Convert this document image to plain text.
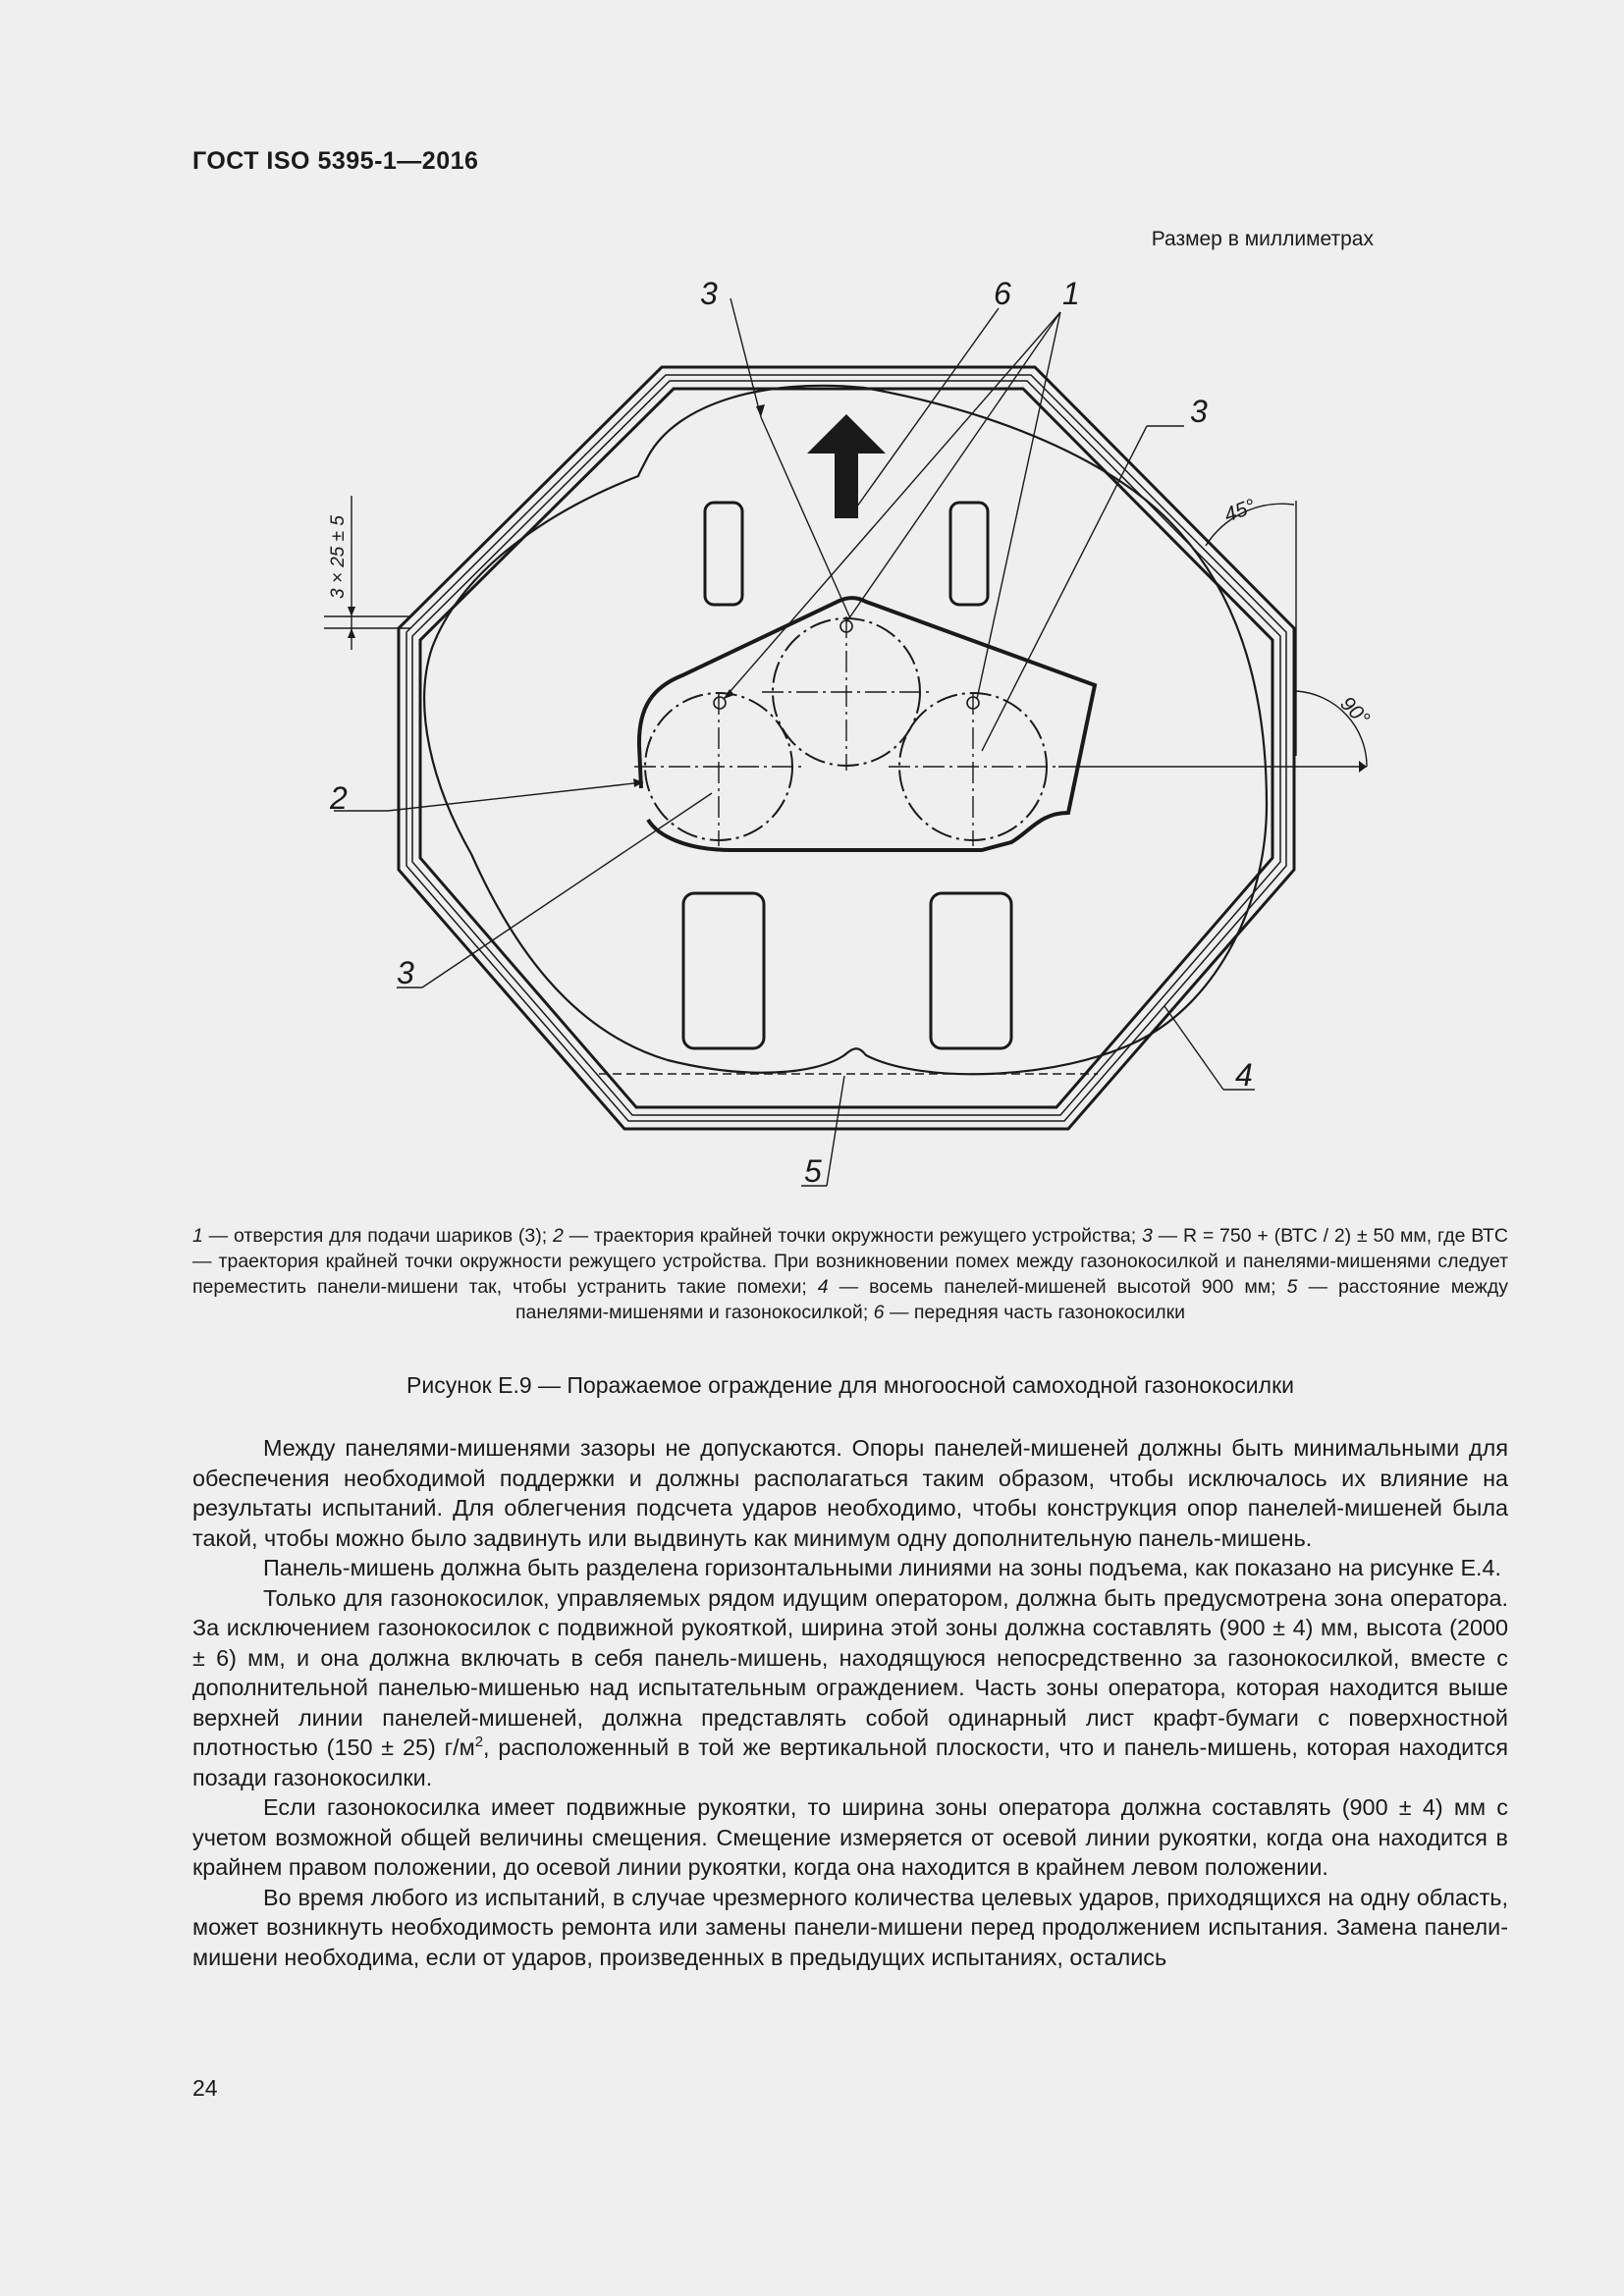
ГОСТ ISO 5395-1—2016
Размер в миллиметрах
3	6 1
3
2
3
4
5
45°
90°
3 × 25 ± 5
1 — отверстия для подачи шариков (3); 2 — траектория крайней точки окружности режущего устройства; 3 — R = 750 + (ВТС / 2) ± 50 мм, где ВТС — траектория крайней точки окружности режущего устройства. При возникновении помех между газонокосилкой и панелями-мишенями следует переместить панели-мишени так, чтобы устранить такие помехи; 4 — восемь панелей-мишеней высотой 900 мм; 5 — расстояние между панелями-мишенями и газонокосилкой; 6 — передняя часть газонокосилки
Рисунок Е.9 — Поражаемое ограждение для многоосной самоходной газонокосилки

Между панелями-мишенями зазоры не допускаются. Опоры панелей-мишеней должны быть минимальными для обеспечения необходимой поддержки и должны располагаться таким образом, чтобы исключалось их влияние на результаты испытаний. Для облегчения подсчета ударов необходимо, чтобы конструкция опор панелей-мишеней была такой, чтобы можно было задвинуть или выдвинуть как минимум одну дополнительную панель-мишень.

Панель-мишень должна быть разделена горизонтальными линиями на зоны подъема, как показано на рисунке Е.4.

Только для газонокосилок, управляемых рядом идущим оператором, должна быть предусмотрена зона оператора. За исключением газонокосилок с подвижной рукояткой, ширина этой зоны должна составлять (900 ± 4) мм, высота (2000 ± 6) мм, и она должна включать в себя панель-мишень, находящуюся непосредственно за газонокосилкой, вместе с дополнительной панелью-мишенью над испытательным ограждением. Часть зоны оператора, которая находится выше верхней линии панелей-мишеней, должна представлять собой одинарный лист крафт-бумаги с поверхностной плотностью (150 ± 25) $г/м^2$, расположенный в той же вертикальной плоскости, что и панель-мишень, которая находится позади газонокосилки.

Если газонокосилка имеет подвижные рукоятки, то ширина зоны оператора должна составлять (900 ± 4) мм с учетом возможной общей величины смещения. Смещение измеряется от осевой линии рукоятки, когда она находится в крайнем правом положении, до осевой линии рукоятки, когда она находится в крайнем левом положении.

Во время любого из испытаний, в случае чрезмерного количества целевых ударов, приходящихся на одну область, может возникнуть необходимость ремонта или замены панели-мишени перед продолжением испытания. Замена панели-мишени необходима, если от ударов, произведенных в предыдущих испытаниях, остались

24
